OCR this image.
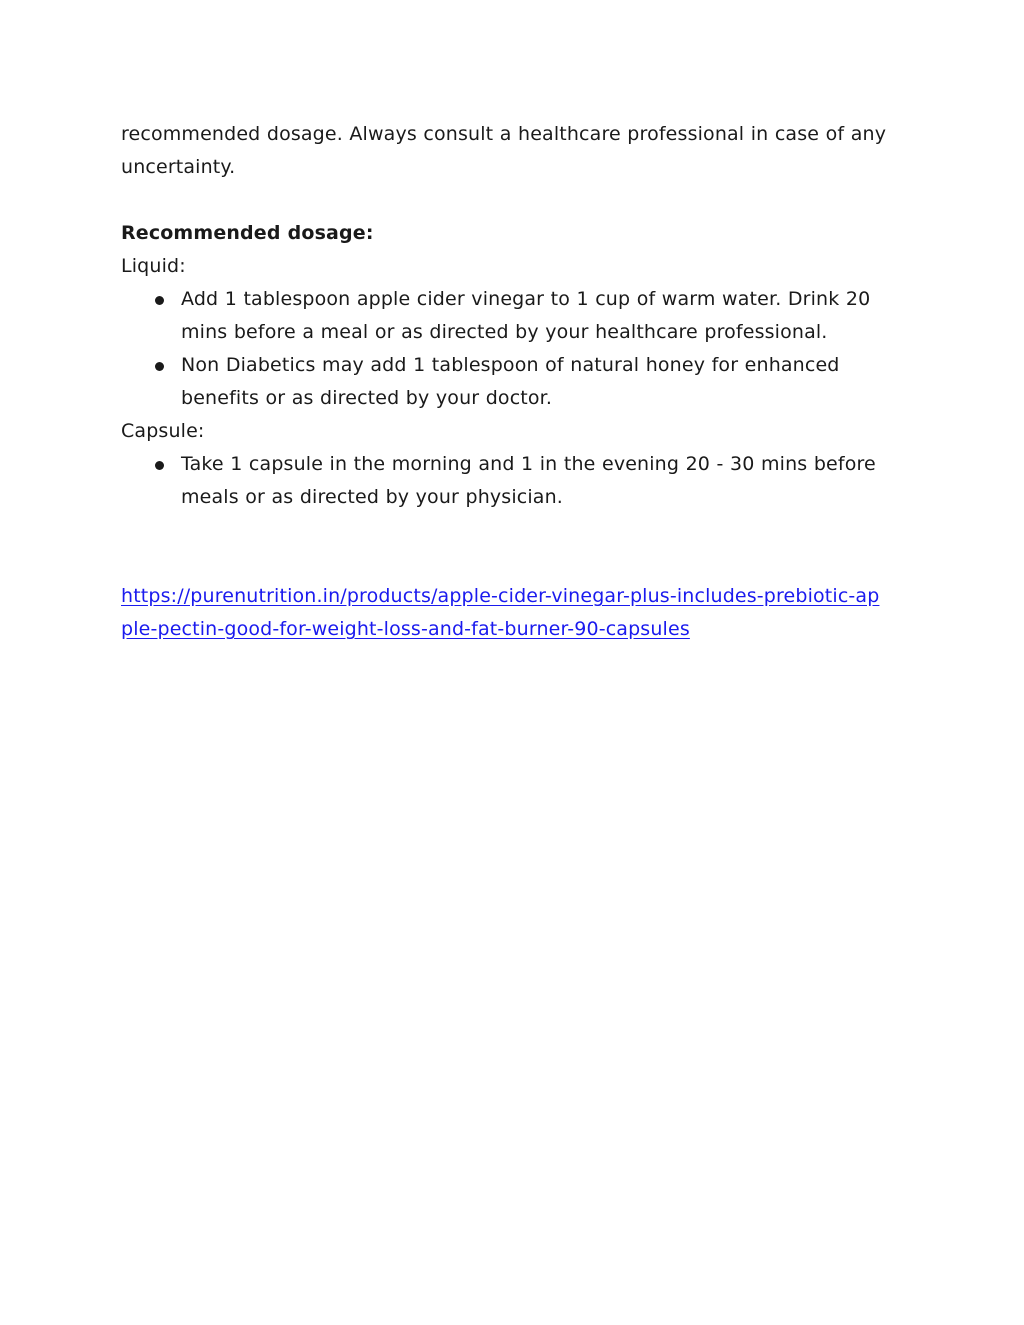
recommended dosage. Always consult a healthcare professional in case of any uncertainty.

Recommended dosage:

Liquid:

Add 1 tablespoon apple cider vinegar to 1 cup of warm water. Drink 20 mins before a meal or as directed by your healthcare professional.
Non Diabetics may add 1 tablespoon of natural honey for enhanced benefits or as directed by your doctor.

Capsule:

Take 1 capsule in the morning and 1 in the evening 20 - 30 mins before meals or as directed by your physician.

https://purenutrition.in/products/apple-cider-vinegar-plus-includes-prebiotic-apple-pectin-good-for-weight-loss-and-fat-burner-90-capsules
